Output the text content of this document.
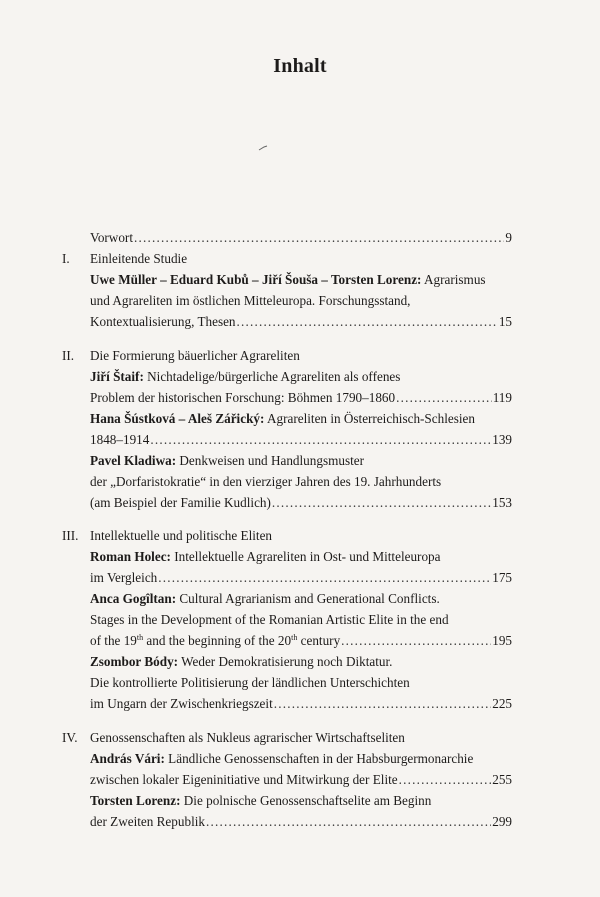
Inhalt
Vorwort .....	9
I. Einleitende Studie
Uwe Müller – Eduard Kubů – Jiří Šouša – Torsten Lorenz: Agrarismus
und Agrareliten im östlichen Mitteleuropa. Forschungsstand,
Kontextualisierung, Thesen .....	15
II. Die Formierung bäuerlicher Agrareliten
Jiří Štaif: Nichtadelige/bürgerliche Agrareliten als offenes
Problem der historischen Forschung: Böhmen 1790–1860 .....	119
Hana Šústková – Aleš Zářický: Agrareliten in Österreichisch-Schlesien
1848–1914 .....	139
Pavel Kladiwa: Denkweisen und Handlungsmuster
der „Dorfaristokratie“ in den vierziger Jahren des 19. Jahrhunderts
(am Beispiel der Familie Kudlich) .....	153
III. Intellektuelle und politische Eliten
Roman Holec: Intellektuelle Agrareliten in Ost- und Mitteleuropa
im Vergleich .....	175
Anca Gogîltan: Cultural Agrarianism and Generational Conflicts.
Stages in the Development of the Romanian Artistic Elite in the end
of the 19th and the beginning of the 20th century .....	195
Zsombor Bódy: Weder Demokratisierung noch Diktatur.
Die kontrollierte Politisierung der ländlichen Unterschichten
im Ungarn der Zwischenkriegszeit .....	225
IV. Genossenschaften als Nukleus agrarischer Wirtschaftseliten
András Vári: Ländliche Genossenschaften in der Habsburgermonarchie
zwischen lokaler Eigeninitiative und Mitwirkung der Elite .....	255
Torsten Lorenz: Die polnische Genossenschaftselite am Beginn
der Zweiten Republik .....	299
